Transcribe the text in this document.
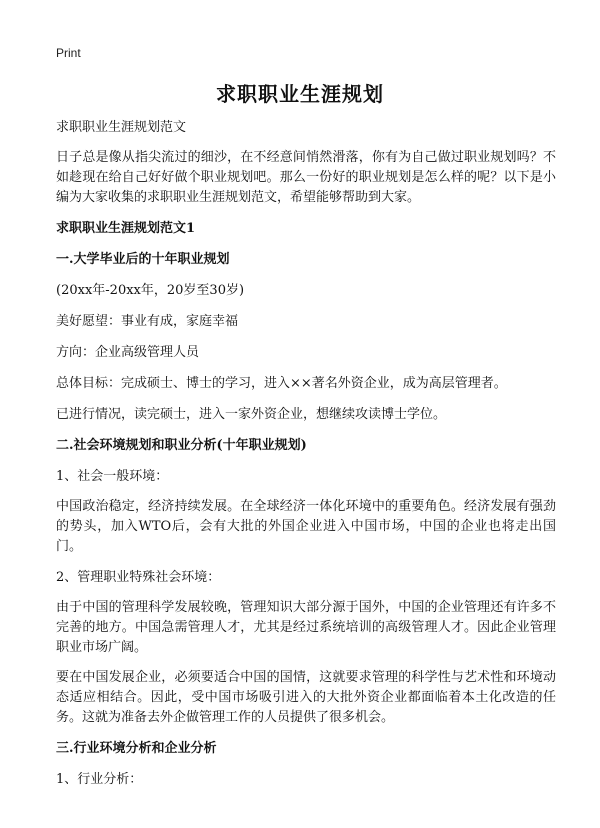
Print
求职职业生涯规划

求职职业生涯规划范文

日子总是像从指尖流过的细沙，在不经意间悄然滑落，你有为自己做过职业规划吗？不如趁现在给自己好好做个职业规划吧。那么一份好的职业规划是怎么样的呢？以下是小编为大家收集的求职职业生涯规划范文，希望能够帮助到大家。

求职职业生涯规划范文1

一.大学毕业后的十年职业规划

(20xx年-20xx年，20岁至30岁)

美好愿望：事业有成，家庭幸福

方向：企业高级管理人员

总体目标：完成硕士、博士的学习，进入××著名外资企业，成为高层管理者。

已进行情况，读完硕士，进入一家外资企业，想继续攻读博士学位。

二.社会环境规划和职业分析(十年职业规划)

1、社会一般环境：

中国政治稳定，经济持续发展。在全球经济一体化环境中的重要角色。经济发展有强劲的势头，加入WTO后，会有大批的外国企业进入中国市场，中国的企业也将走出国门。

2、管理职业特殊社会环境：

由于中国的管理科学发展较晚，管理知识大部分源于国外，中国的企业管理还有许多不完善的地方。中国急需管理人才，尤其是经过系统培训的高级管理人才。因此企业管理职业市场广阔。

要在中国发展企业，必须要适合中国的国情，这就要求管理的科学性与艺术性和环境动态适应相结合。因此，受中国市场吸引进入的大批外资企业都面临着本土化改造的任务。这就为准备去外企做管理工作的人员提供了很多机会。

三.行业环境分析和企业分析

1、行业分析：
